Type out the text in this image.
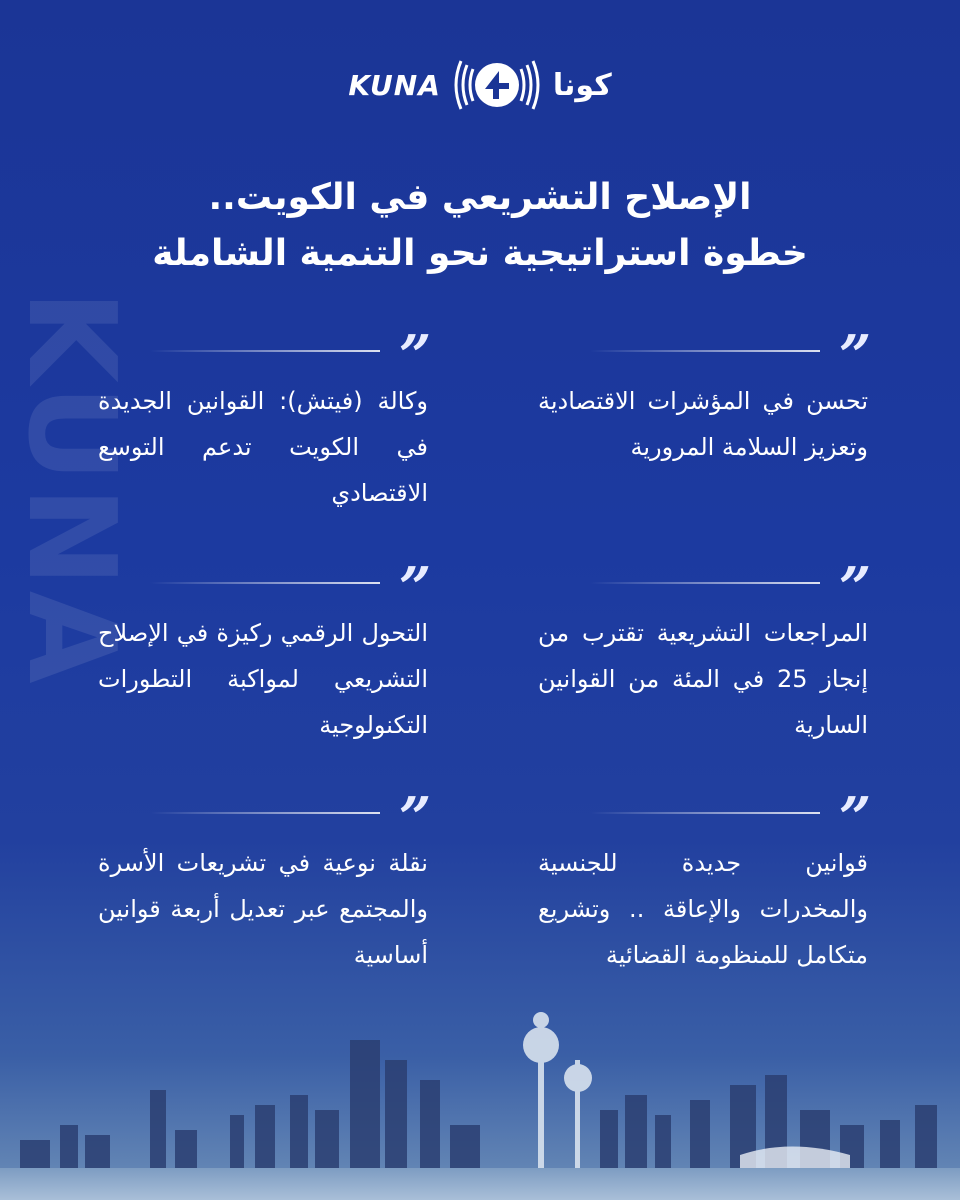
KUNA
KUNA	كونا
الإصلاح التشريعي في الكويت..
خطوة استراتيجية نحو التنمية الشاملة
”
تحسن في المؤشرات الاقتصادية وتعزيز السلامة المرورية
”
المراجعات التشريعية تقترب من إنجاز 25 في المئة من القوانين السارية
”
قوانين جديدة للجنسية والمخدرات والإعاقة .. وتشريع متكامل للمنظومة القضائية
”
وكالة (فيتش): القوانين الجديدة في الكويت تدعم التوسع الاقتصادي
”
التحول الرقمي ركيزة في الإصلاح التشريعي لمواكبة التطورات التكنولوجية
”
نقلة نوعية في تشريعات الأسرة والمجتمع عبر تعديل أربعة قوانين أساسية
